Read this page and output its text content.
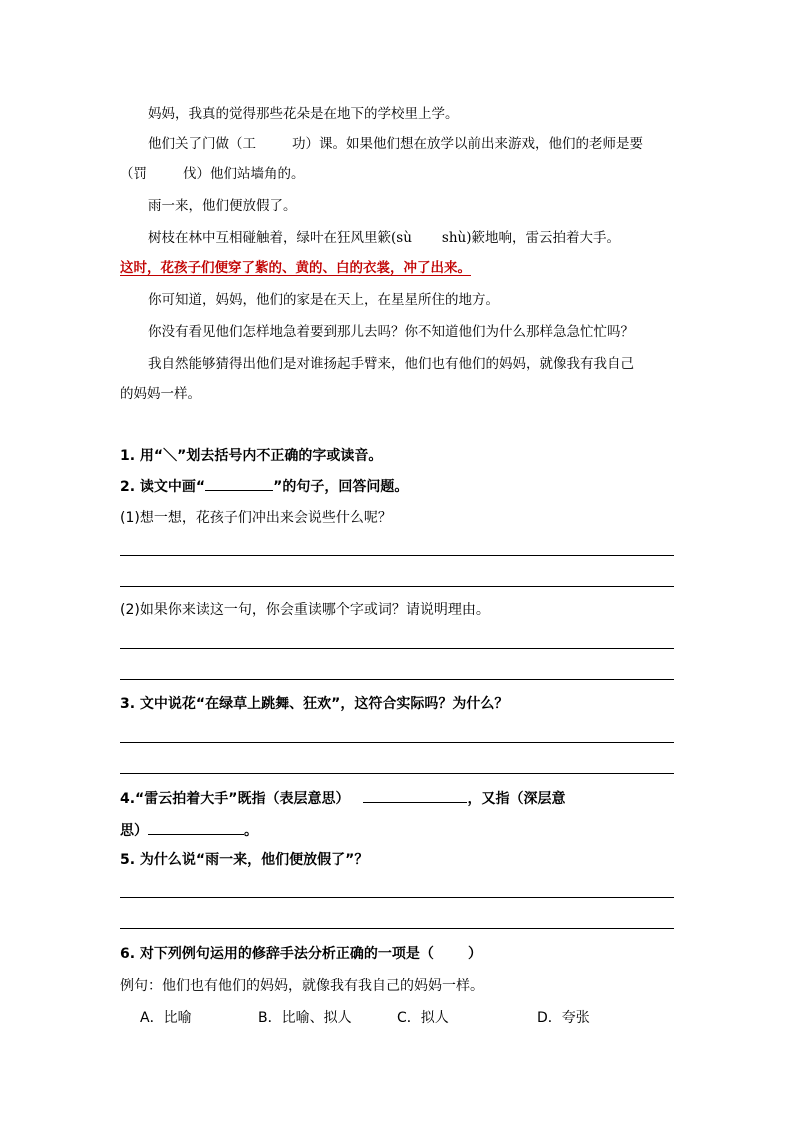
妈妈，我真的觉得那些花朵是在地下的学校里上学。
他们关了门做（工	功）课。如果他们想在放学以前出来游戏，他们的老师是要
（罚	伐）他们站墙角的。
雨一来，他们便放假了。
树枝在林中互相碰触着，绿叶在狂风里簌(sù shù)簌地响，雷云拍着大手。
这时，花孩子们便穿了紫的、黄的、白的衣裳，冲了出来。
你可知道，妈妈，他们的家是在天上，在星星所住的地方。
你没有看见他们怎样地急着要到那儿去吗？你不知道他们为什么那样急急忙忙吗？
我自然能够猜得出他们是对谁扬起手臂来，他们也有他们的妈妈，就像我有我自己
的妈妈一样。
1. 用“＼”划去括号内不正确的字或读音。
2. 读文中画“	”的句子，回答问题。
(1)想一想，花孩子们冲出来会说些什么呢？
(2)如果你来读这一句，你会重读哪个字或词？请说明理由。
3. 文中说花“在绿草上跳舞、狂欢”，这符合实际吗？为什么？
4.“雷云拍着大手”既指（表层意思）	，又指（深层意
思）	。
5. 为什么说“雨一来，他们便放假了”？
6. 对下列例句运用的修辞手法分析正确的一项是（ ）
例句：他们也有他们的妈妈，就像我有我自己的妈妈一样。
A．比喻	B．比喻、拟人	C．拟人	D．夸张
